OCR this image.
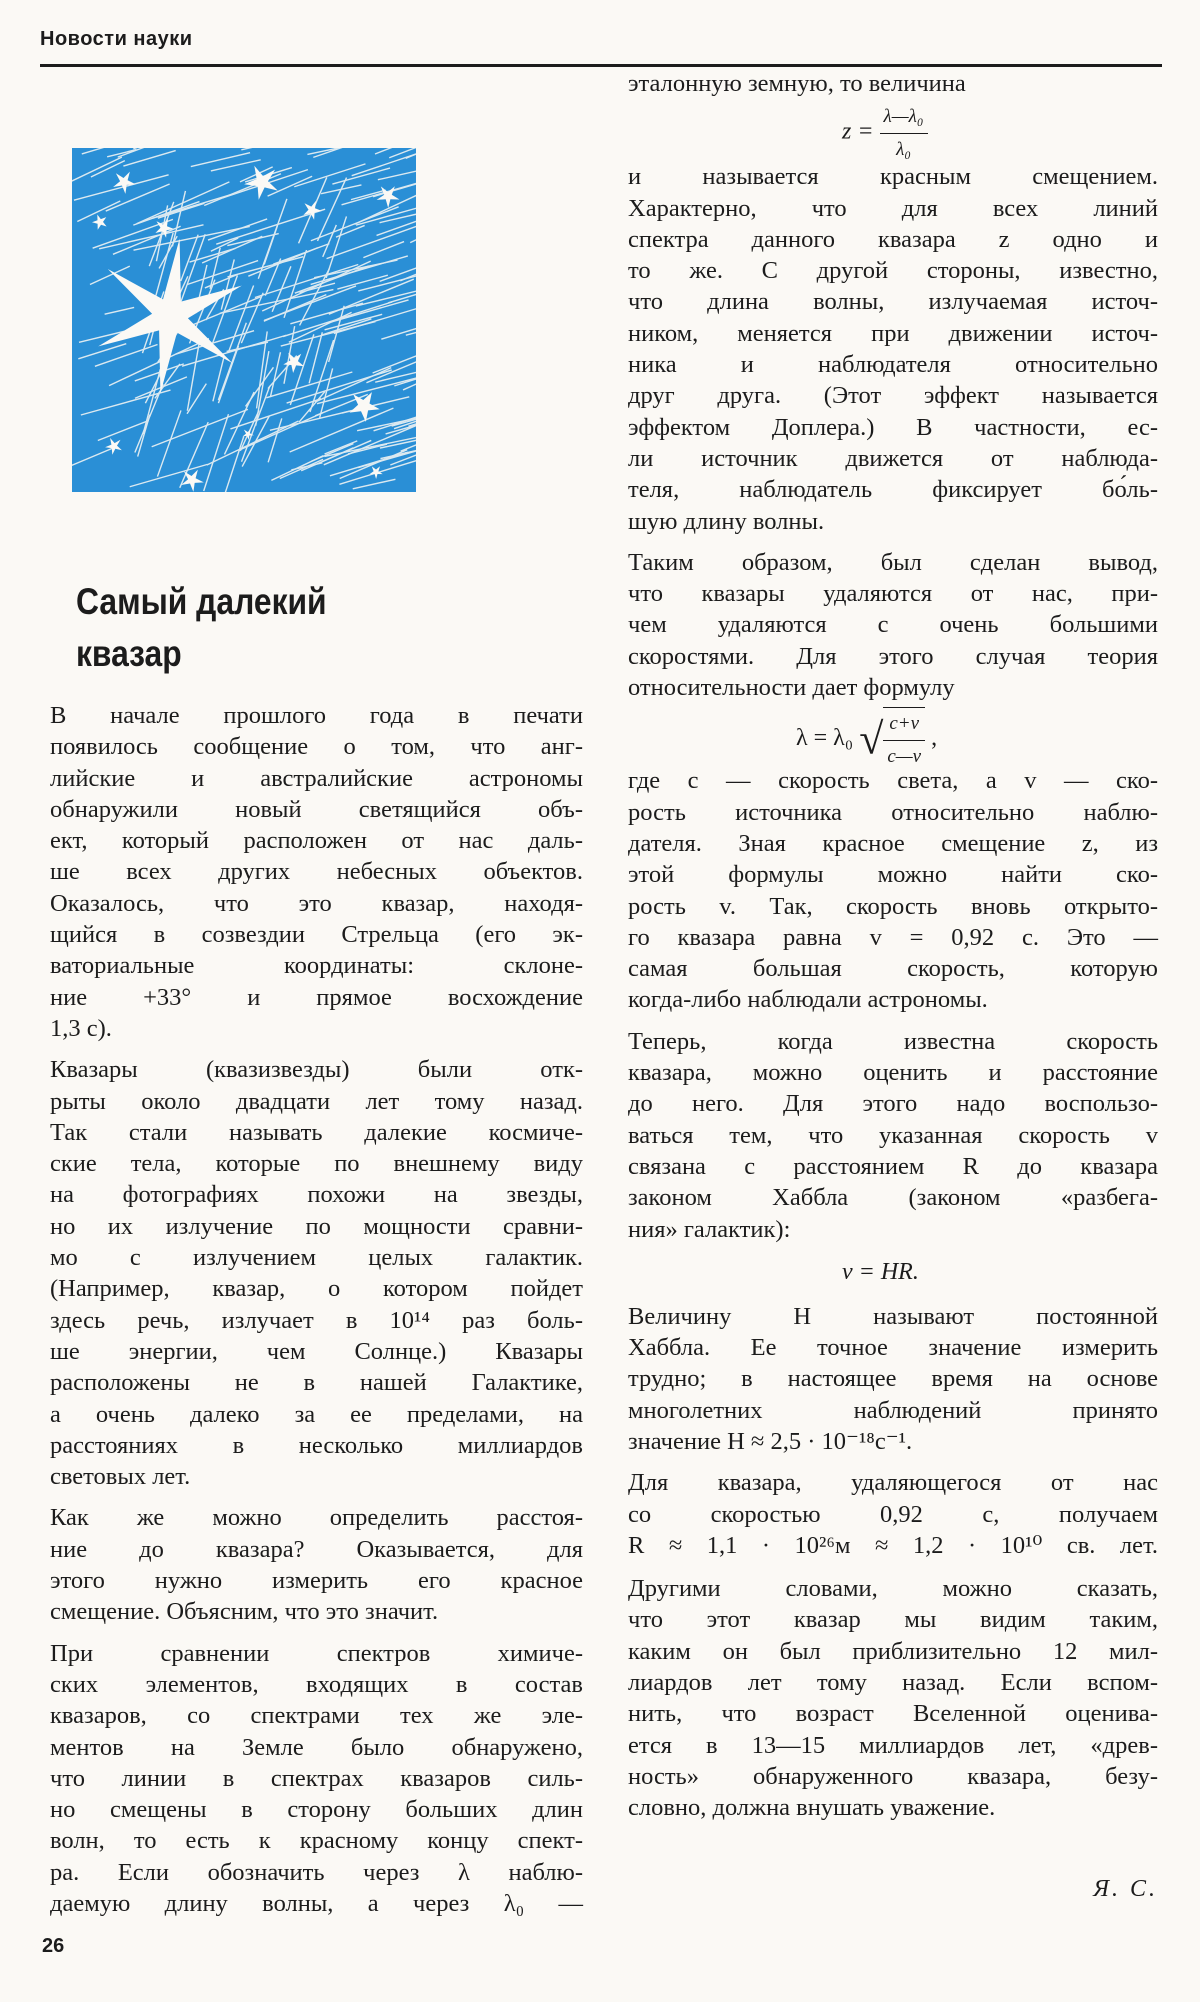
Новости науки
Самый далекий
квазар
В начале прошлого года в печати
появилось сообщение о том, что анг-
лийские и австралийские астрономы
обнаружили новый светящийся объ-
ект, который расположен от нас даль-
ше всех других небесных объектов.
Оказалось, что это квазар, находя-
щийся в созвездии Стрельца (его эк-
ваториальные координаты: склоне-
ние +33° и прямое восхождение
1,3 с).
Квазары (квазизвезды) были отк-
рыты около двадцати лет тому назад.
Так стали называть далекие космиче-
ские тела, которые по внешнему виду
на фотографиях похожи на звезды,
но их излучение по мощности сравни-
мо с излучением целых галактик.
(Например, квазар, о котором пойдет
здесь речь, излучает в 10¹⁴ раз боль-
ше энергии, чем Солнце.) Квазары
расположены не в нашей Галактике,
а очень далеко за ее пределами, на
расстояниях в несколько миллиардов
световых лет.
Как же можно определить расстоя-
ние до квазара? Оказывается, для
этого нужно измерить его красное
смещение. Объясним, что это значит.
При сравнении спектров химиче-
ских элементов, входящих в состав
квазаров, со спектрами тех же эле-
ментов на Земле было обнаружено,
что линии в спектрах квазаров силь-
но смещены в сторону больших длин
волн, то есть к красному концу спект-
ра. Если обозначить через λ наблю-
даемую длину волны, а через λ₀ —
эталонную земную, то величина
$z = \frac{\text{λ—λ₀}}{\text{λ₀}}$
и называется красным смещением.
Характерно, что для всех линий
спектра данного квазара z одно и
то же. С другой стороны, известно,
что длина волны, излучаемая источ-
ником, меняется при движении источ-
ника и наблюдателя относительно
друг друга. (Этот эффект называется
эффектом Доплера.) В частности, ес-
ли источник движется от наблюда-
теля, наблюдатель фиксирует бо́ль-
шую длину волны.
Таким образом, был сделан вывод,
что квазары удаляются от нас, при-
чем удаляются с очень большими
скоростями. Для этого случая теория
относительности дает формулу
λ = λ₀ √ $\frac{c+v}{c—v}$ ,
где c — скорость света, а v — ско-
рость источника относительно наблю-
дателя. Зная красное смещение z, из
этой формулы можно найти ско-
рость v. Так, скорость вновь открыто-
го квазара равна v = 0,92 c. Это —
самая большая скорость, которую
когда-либо наблюдали астрономы.
Теперь, когда известна скорость
квазара, можно оценить и расстояние
до него. Для этого надо воспользо-
ваться тем, что указанная скорость v
связана с расстоянием R до квазара
законом Хаббла (законом «разбега-
ния» галактик):
v = HR.
Величину H называют постоянной
Хаббла. Ее точное значение измерить
трудно; в настоящее время на основе
многолетних наблюдений принято
значение H ≈ 2,5 · 10⁻¹⁸с⁻¹.
Для квазара, удаляющегося от нас
со скоростью 0,92 c, получаем
R ≈ 1,1 · 10²⁶м ≈ 1,2 · 10¹⁰ св. лет.
Другими словами, можно сказать,
что этот квазар мы видим таким,
каким он был приблизительно 12 мил-
лиардов лет тому назад. Если вспом-
нить, что возраст Вселенной оценива-
ется в 13—15 миллиардов лет, «древ-
ность» обнаруженного квазара, безу-
словно, должна внушать уважение.
Я. С.
26
